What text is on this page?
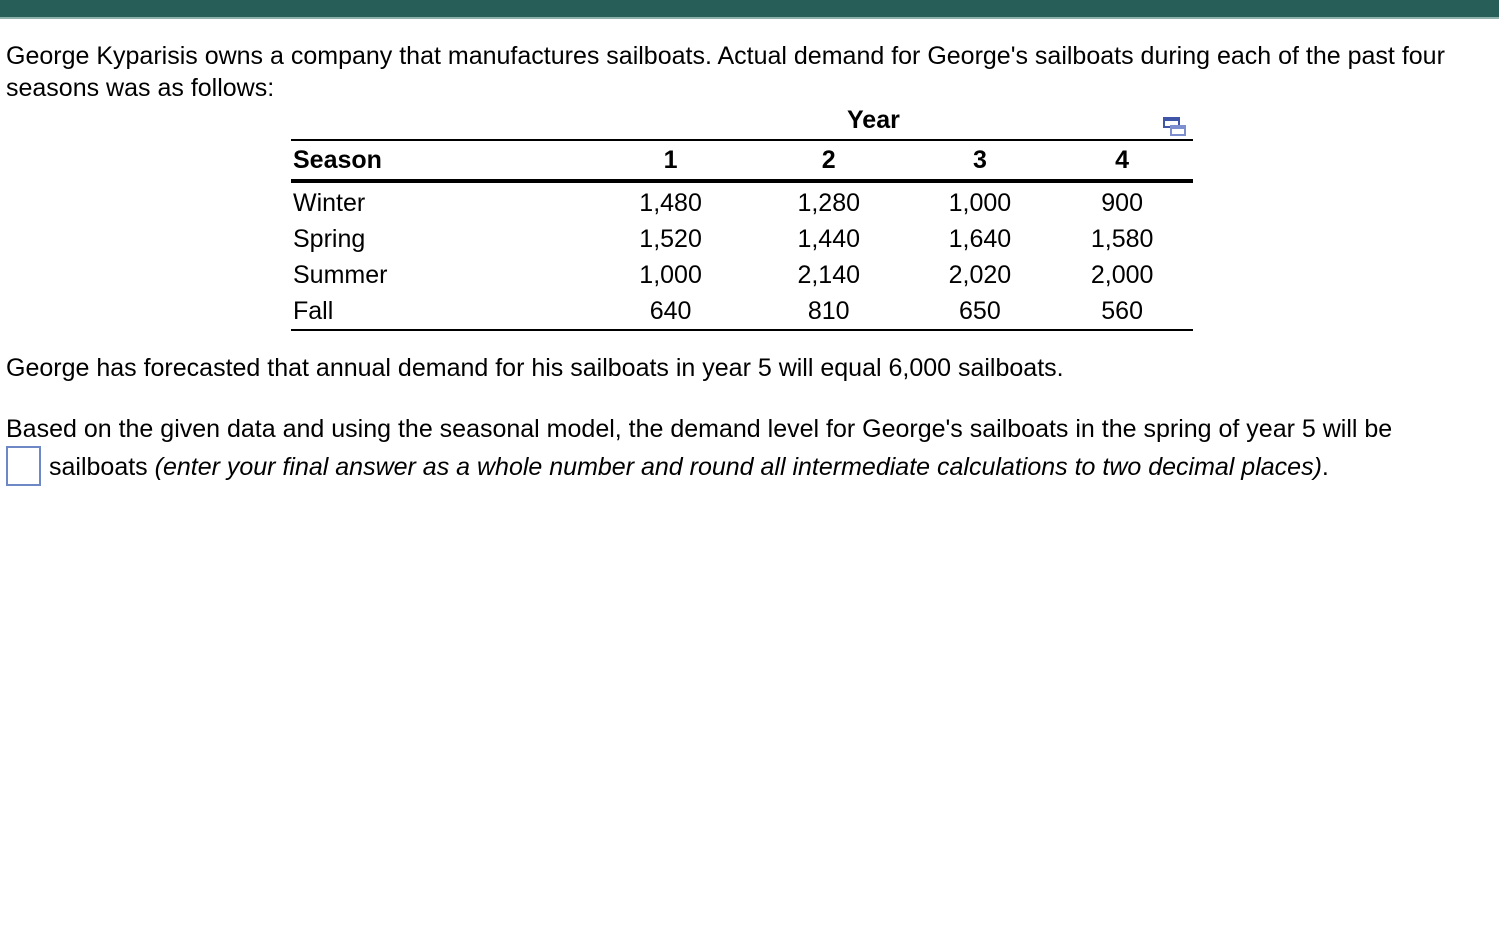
George Kyparisis owns a company that manufactures sailboats. Actual demand for George's sailboats during each of the past four seasons was as follows:

Year
Season	1	2	3	4
Winter	1,480	1,280	1,000	900
Spring	1,520	1,440	1,640	1,580
Summer	1,000	2,140	2,020	2,000
Fall	640	810	650	560

George has forecasted that annual demand for his sailboats in year 5 will equal 6,000 sailboats.

Based on the given data and using the seasonal model, the demand level for George's sailboats in the spring of year 5 will be
sailboats (enter your final answer as a whole number and round all intermediate calculations to two decimal places).
